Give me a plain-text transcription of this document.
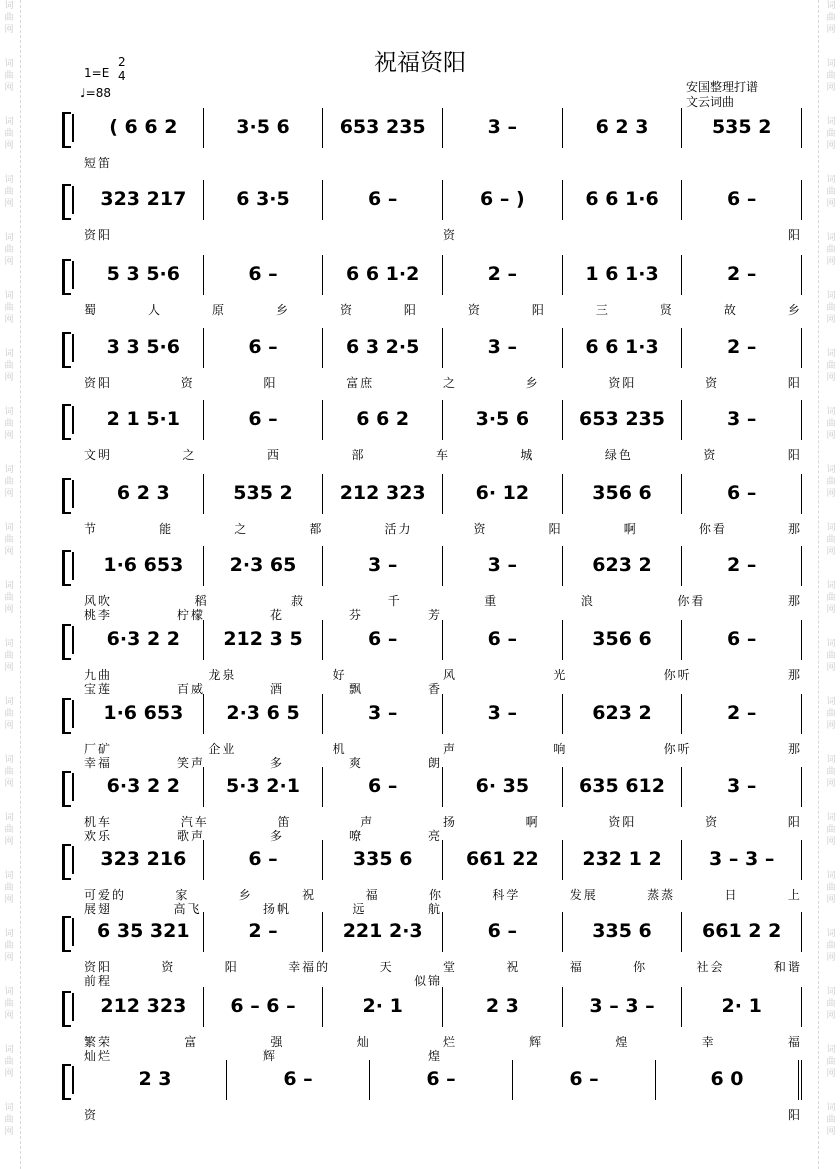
词曲网
词曲网
词曲网
词曲网
词曲网
词曲网
词曲网
词曲网
词曲网
词曲网
词曲网
词曲网
词曲网
词曲网
词曲网
词曲网
词曲网
词曲网
词曲网
词曲网
词曲网
词曲网
词曲网
词曲网
词曲网
词曲网
词曲网
词曲网
词曲网
词曲网
词曲网
词曲网
词曲网
词曲网
词曲网
词曲网
词曲网
词曲网
词曲网
词曲网
祝福资阳
1=E
2
4
♩=88	安国整理打谱
文云词曲
( 6 6 2	3·5 6	653 235	3 –	6 2 3	535 2
短笛
323 217	6 3·5	6 –	6 – )	6 6 1·6	6 –
资阳	资	阳
5 3 5·6	6 –	6 6 1·2	2 –	1 6 1·3	2 –
蜀	人	原	乡	资	阳	资	阳	三	贤	故	乡
3 3 5·6	6 –	6 3 2·5	3 –	6 6 1·3	2 –
资阳	资	阳	富庶	之	乡	资阳	资	阳
2 1 5·1	6 –	6 6 2	3·5 6	653 235	3 –
文明	之	西	部	车	城	绿色	资	阳
6 2 3	535 2	212 323	6· 12	356 6	6 –
节	能	之	都	活力	资	阳	啊	你看	那
1·6 653	2·3 65	3 –	3 –	623 2	2 –
风吹	稻	菽	千	重	浪	你看	那
桃李	柠檬	花	芬	芳
6·3 2 2	212 3 5	6 –	6 –	356 6	6 –
九曲	龙泉	好	风	光	你听	那
宝莲	百威	酒	飘	香
1·6 653	2·3 6 5	3 –	3 –	623 2	2 –
厂矿	企业	机	声	响	你听	那
幸福	笑声	多	爽	朗
6·3 2 2	5·3 2·1	6 –	6· 35	635 612	3 –
机车	汽车	笛	声	扬	啊	资阳	资	阳
欢乐	歌声	多	嘹	亮
323 216	6 –	335 6	661 22	232 1 2	3 – 3 –
可爱的	家	乡	祝	福	你	科学	发展	蒸蒸	日	上
展翅	高飞	扬帆	远	航
6 35 321	2 –	221 2·3	6 –	335 6	661 2 2
资阳	资	阳	幸福的	天	堂	祝	福	你	社会	和谐
前程	似锦
212 323	6 – 6 –	2· 1	2 3	3 – 3 –	2· 1
繁荣	富	强	灿	烂	辉	煌	幸	福
灿烂	辉	煌
2 3	6 –	6 –	6 –	6 0
资	阳
